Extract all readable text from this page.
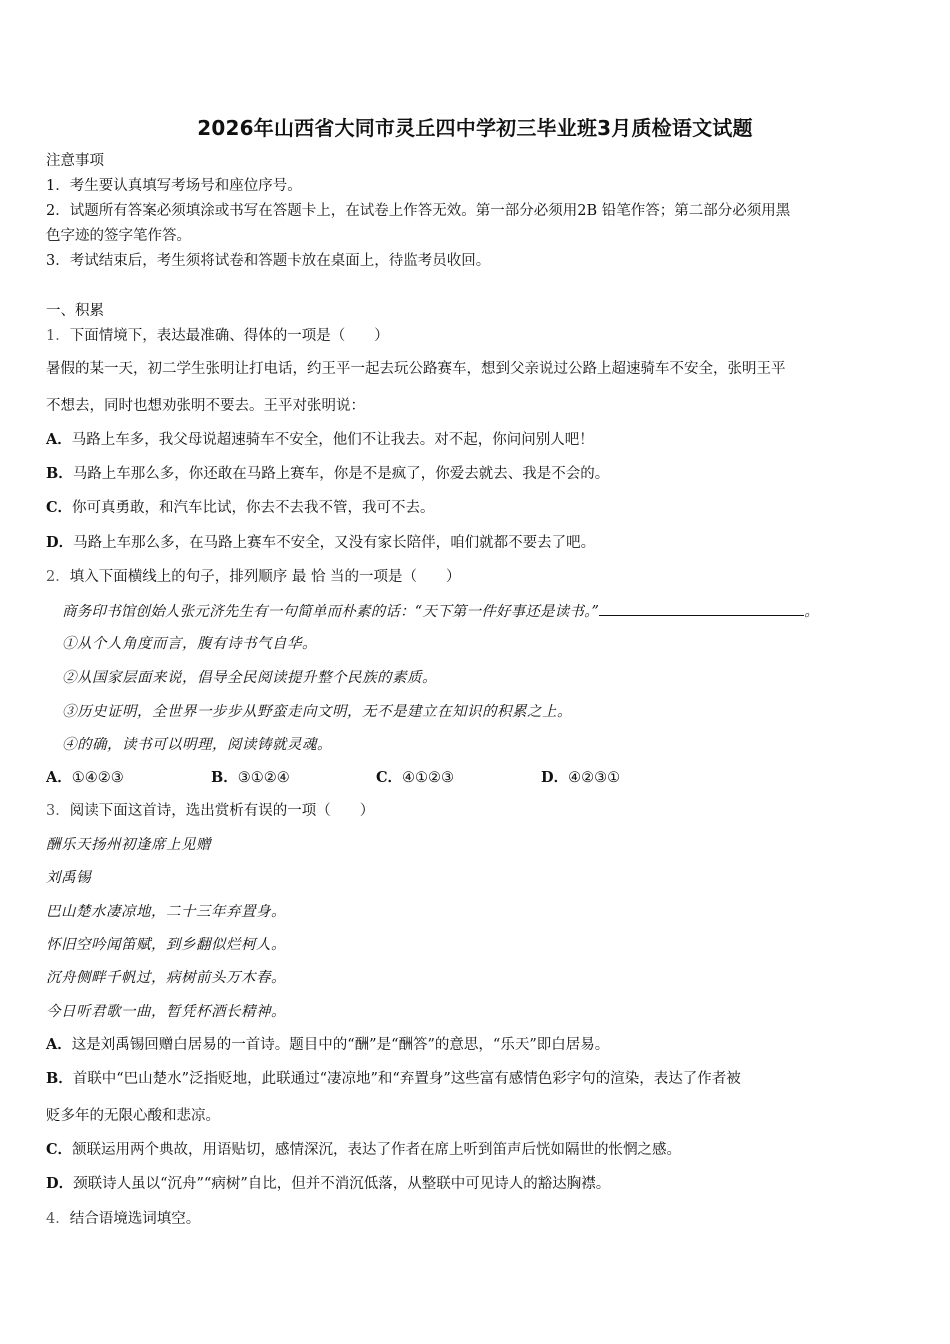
2026年山西省大同市灵丘四中学初三毕业班3月质检语文试题
注意事项
1．考生要认真填写考场号和座位序号。
2．试题所有答案必须填涂或书写在答题卡上，在试卷上作答无效。第一部分必须用2B 铅笔作答；第二部分必须用黑
色字迹的签字笔作答。
3．考试结束后，考生须将试卷和答题卡放在桌面上，待监考员收回。
一、积累
1．下面情境下，表达最准确、得体的一项是（　　）
暑假的某一天，初二学生张明让打电话，约王平一起去玩公路赛车，想到父亲说过公路上超速骑车不安全，张明王平
不想去，同时也想劝张明不要去。王平对张明说：
A．马路上车多，我父母说超速骑车不安全，他们不让我去。对不起，你问问别人吧！
B．马路上车那么多，你还敢在马路上赛车，你是不是疯了，你爱去就去、我是不会的。
C．你可真勇敢，和汽车比试，你去不去我不管，我可不去。
D．马路上车那么多，在马路上赛车不安全，又没有家长陪伴，咱们就都不要去了吧。
2．填入下面横线上的句子，排列顺序 最 恰 当的一项是（　　）
商务印书馆创始人张元济先生有一句简单而朴素的话：“天下第一件好事还是读书。”	。
①从个人角度而言，腹有诗书气自华。
②从国家层面来说，倡导全民阅读提升整个民族的素质。
③历史证明，全世界一步步从野蛮走向文明，无不是建立在知识的积累之上。
④的确，读书可以明理，阅读铸就灵魂。
A．①④②③	B．③①②④	C．④①②③	D．④②③①
3．阅读下面这首诗，选出赏析有误的一项（　　）
酬乐天扬州初逢席上见赠
刘禹锡
巴山楚水凄凉地，二十三年弃置身。
怀旧空吟闻笛赋，到乡翻似烂柯人。
沉舟侧畔千帆过，病树前头万木春。
今日听君歌一曲，暂凭杯酒长精神。
A．这是刘禹锡回赠白居易的一首诗。题目中的“酬”是“酬答”的意思，“乐天”即白居易。
B．首联中“巴山楚水”泛指贬地，此联通过“凄凉地”和“弃置身”这些富有感情色彩字句的渲染，表达了作者被
贬多年的无限心酸和悲凉。
C．颔联运用两个典故，用语贴切，感情深沉，表达了作者在席上听到笛声后恍如隔世的怅惘之感。
D．颈联诗人虽以“沉舟”“病树”自比，但并不消沉低落，从整联中可见诗人的豁达胸襟。
4．结合语境选词填空。
